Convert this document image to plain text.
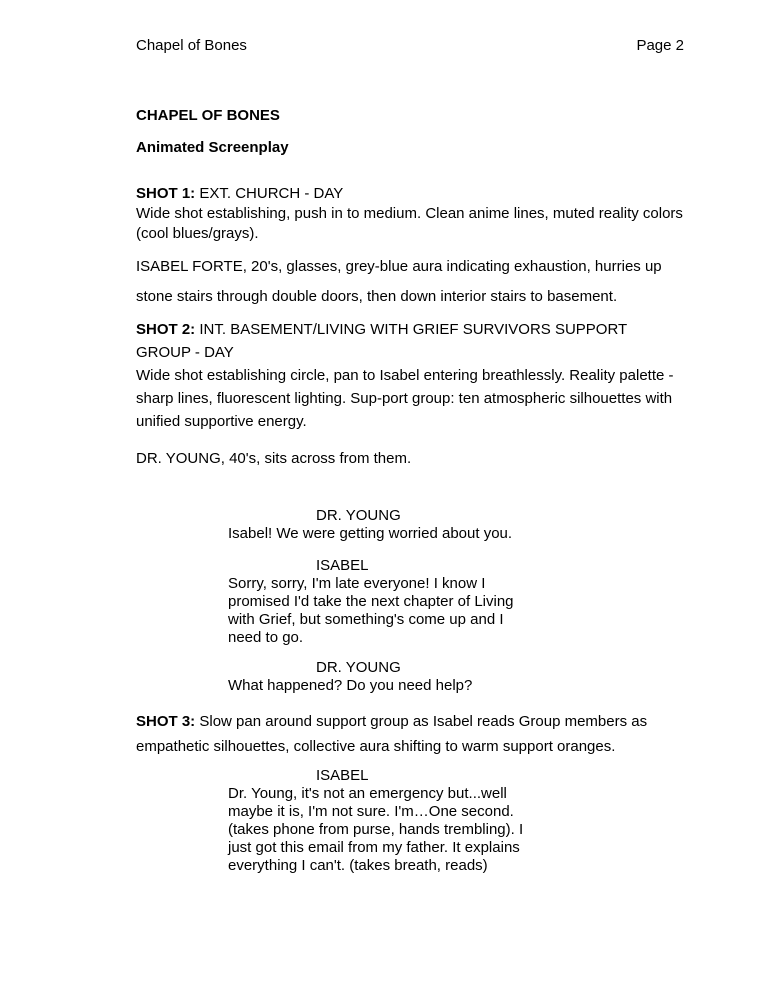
Chapel of Bones	Page 2

CHAPEL OF BONES

Animated Screenplay

SHOT 1: EXT. CHURCH - DAY

Wide shot establishing, push in to medium. Clean anime lines, muted reality colors (cool blues/grays).

ISABEL FORTE, 20's, glasses, grey-blue aura indicating exhaustion, hurries up stone stairs through double doors, then down interior stairs to basement.

SHOT 2: INT. BASEMENT/LIVING WITH GRIEF SURVIVORS SUPPORT GROUP - DAY

Wide shot establishing circle, pan to Isabel entering breathlessly. Reality palette - sharp lines, fluorescent lighting. Sup-port group: ten atmospheric silhouettes with unified supportive energy.

DR. YOUNG, 40's, sits across from them.

DR. YOUNG

Isabel! We were getting worried about you.

ISABEL

Sorry, sorry, I'm late everyone! I know I promised I'd take the next chapter of Living with Grief, but something's come up and I need to go.

DR. YOUNG

What happened? Do you need help?

SHOT 3: Slow pan around support group as Isabel reads Group members as empathetic silhouettes, collective aura shifting to warm support oranges.

ISABEL

Dr. Young, it's not an emergency but...well maybe it is, I'm not sure. I'm…One second. (takes phone from purse, hands trembling). I just got this email from my father. It explains everything I can't. (takes breath, reads)
